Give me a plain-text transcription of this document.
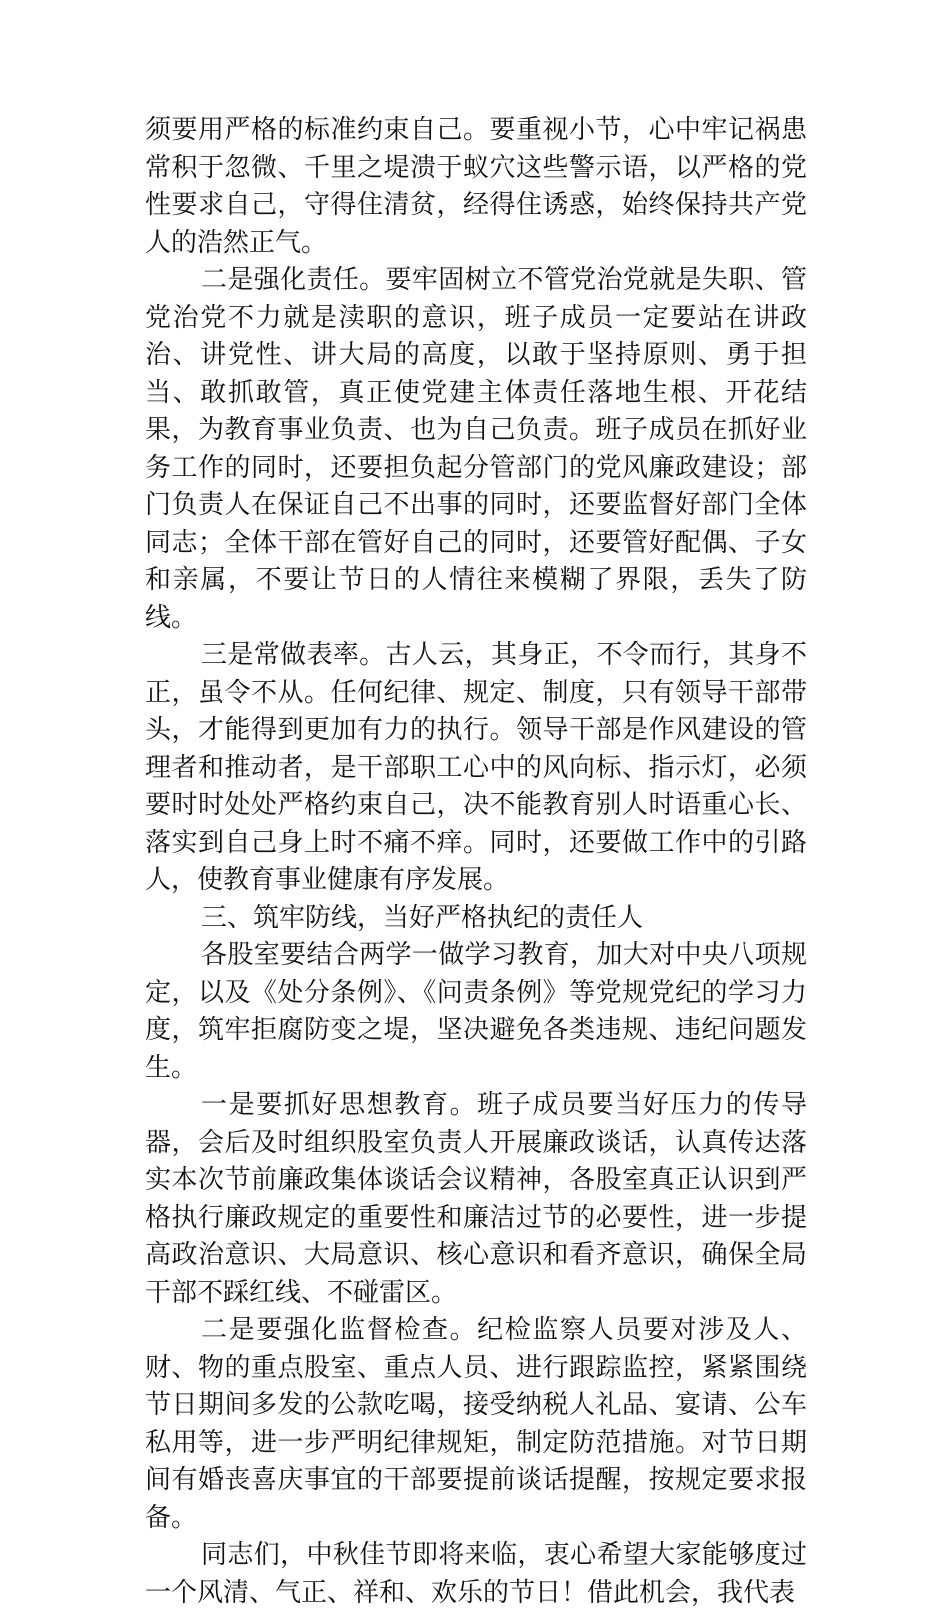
须要用严格的标准约束自己。要重视小节，心中牢记祸患常积于忽微、千里之堤溃于蚁穴这些警示语，以严格的党性要求自己，守得住清贫，经得住诱惑，始终保持共产党人的浩然正气。

二是强化责任。要牢固树立不管党治党就是失职、管党治党不力就是渎职的意识，班子成员一定要站在讲政治、讲党性、讲大局的高度，以敢于坚持原则、勇于担当、敢抓敢管，真正使党建主体责任落地生根、开花结果，为教育事业负责、也为自己负责。班子成员在抓好业务工作的同时，还要担负起分管部门的党风廉政建设；部门负责人在保证自己不出事的同时，还要监督好部门全体同志；全体干部在管好自己的同时，还要管好配偶、子女和亲属，不要让节日的人情往来模糊了界限，丢失了防线。

三是常做表率。古人云，其身正，不令而行，其身不正，虽令不从。任何纪律、规定、制度，只有领导干部带头，才能得到更加有力的执行。领导干部是作风建设的管理者和推动者，是干部职工心中的风向标、指示灯，必须要时时处处严格约束自己，决不能教育别人时语重心长、落实到自己身上时不痛不痒。同时，还要做工作中的引路人，使教育事业健康有序发展。

三、筑牢防线，当好严格执纪的责任人

各股室要结合两学一做学习教育，加大对中央八项规定，以及《处分条例》、《问责条例》等党规党纪的学习力度，筑牢拒腐防变之堤，坚决避免各类违规、违纪问题发生。

一是要抓好思想教育。班子成员要当好压力的传导器，会后及时组织股室负责人开展廉政谈话，认真传达落实本次节前廉政集体谈话会议精神，各股室真正认识到严格执行廉政规定的重要性和廉洁过节的必要性，进一步提高政治意识、大局意识、核心意识和看齐意识，确保全局干部不踩红线、不碰雷区。

二是要强化监督检查。纪检监察人员要对涉及人、财、物的重点股室、重点人员、进行跟踪监控，紧紧围绕节日期间多发的公款吃喝，接受纳税人礼品、宴请、公车私用等，进一步严明纪律规矩，制定防范措施。对节日期间有婚丧喜庆事宜的干部要提前谈话提醒，按规定要求报备。

同志们，中秋佳节即将来临，衷心希望大家能够度过一个风清、气正、祥和、欢乐的节日！借此机会，我代表
